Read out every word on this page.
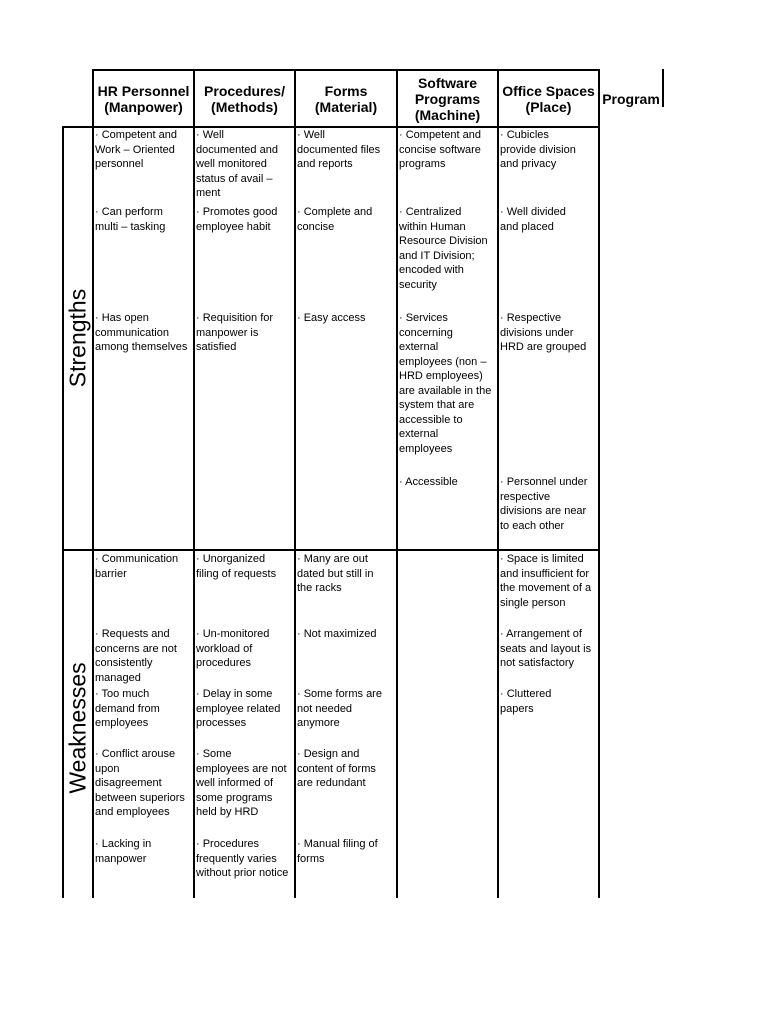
HR Personnel
(Manpower)
Procedures/
(Methods)
Forms
(Material)
Software Programs
(Machine)
Office Spaces
(Place) Program
Strengths
Weaknesses
· Competent and
Work – Oriented
personnel
· Can perform
multi – tasking
· Has open
communication
among themselves
· Well
documented and
well monitored
status of avail –
ment
· Promotes good
employee habit
· Requisition for
manpower is
satisfied
· Well
documented files
and reports
· Complete and
concise
· Easy access
· Competent and
concise software
programs
· Centralized
within Human
Resource Division
and IT Division;
encoded with
security
· Services
concerning
external
employees (non –
HRD employees)
are available in the
system that are
accessible to
external
employees
· Accessible
· Cubicles
provide division
and privacy
· Well divided
and placed
· Respective
divisions under
HRD are grouped
· Personnel under
respective
divisions are near
to each other
· Communication
barrier
· Requests and
concerns are not
consistently
managed
· Too much
demand from
employees
· Conflict arouse
upon
disagreement
between superiors
and employees
· Lacking in
manpower
· Unorganized
filing of requests
· Un-monitored
workload of
procedures
· Delay in some
employee related
processes
· Some
employees are not
well informed of
some programs
held by HRD
· Procedures
frequently varies
without prior notice
· Many are out
dated but still in
the racks
· Not maximized
· Some forms are
not needed
anymore
· Design and
content of forms
are redundant
· Manual filing of
forms
· Space is limited
and insufficient for
the movement of a
single person
· Arrangement of
seats and layout is
not satisfactory
· Cluttered
papers
